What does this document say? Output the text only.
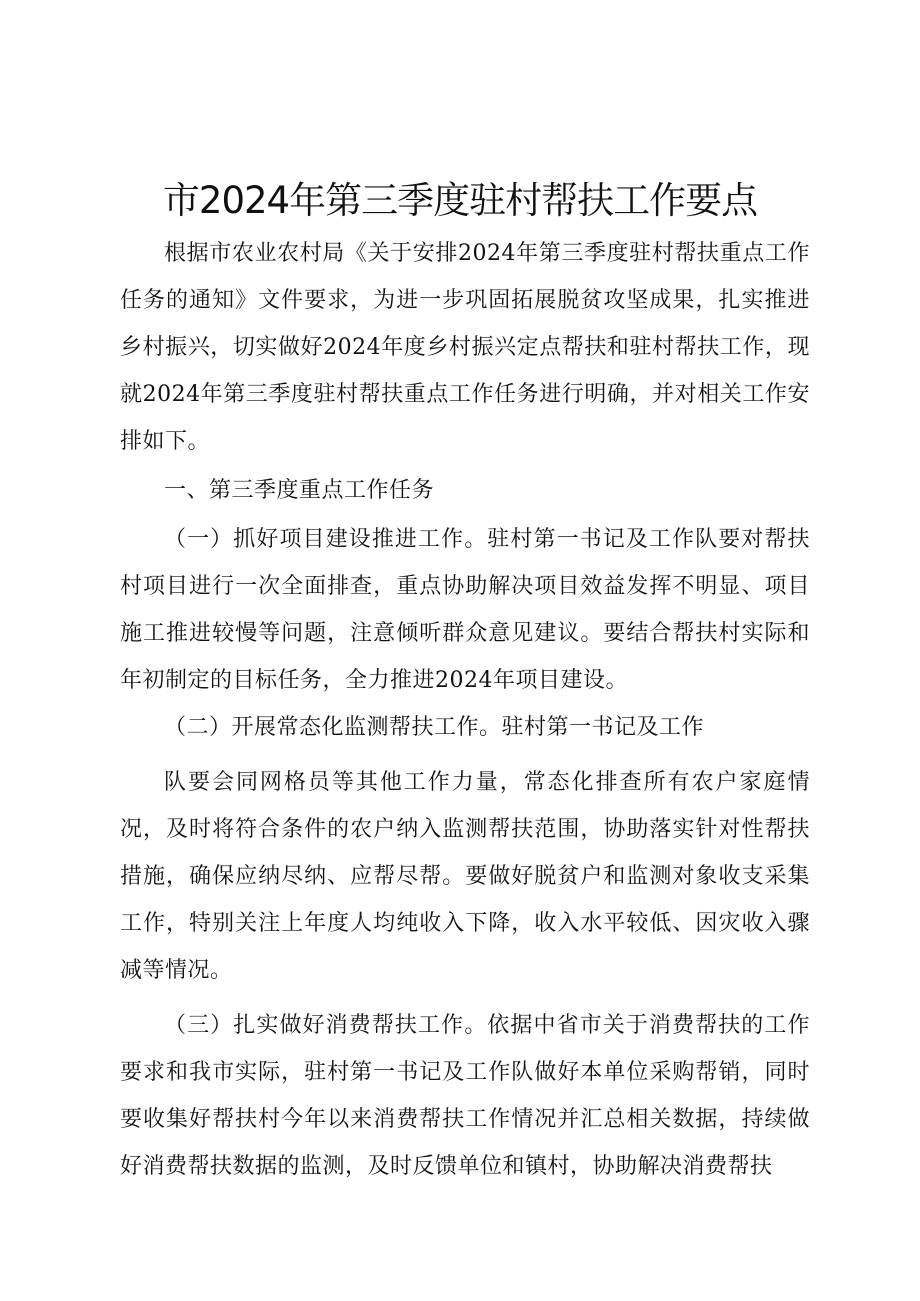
市2024年第三季度驻村帮扶工作要点

根据市农业农村局《关于安排2024年第三季度驻村帮扶重点工作任务的通知》文件要求，为进一步巩固拓展脱贫攻坚成果，扎实推进乡村振兴，切实做好2024年度乡村振兴定点帮扶和驻村帮扶工作，现就2024年第三季度驻村帮扶重点工作任务进行明确，并对相关工作安排如下。

一、第三季度重点工作任务

（一）抓好项目建设推进工作。驻村第一书记及工作队要对帮扶村项目进行一次全面排查，重点协助解决项目效益发挥不明显、项目施工推进较慢等问题，注意倾听群众意见建议。要结合帮扶村实际和年初制定的目标任务，全力推进2024年项目建设。

（二）开展常态化监测帮扶工作。驻村第一书记及工作

队要会同网格员等其他工作力量，常态化排查所有农户家庭情况，及时将符合条件的农户纳入监测帮扶范围，协助落实针对性帮扶措施，确保应纳尽纳、应帮尽帮。要做好脱贫户和监测对象收支采集工作，特别关注上年度人均纯收入下降，收入水平较低、因灾收入骤减等情况。

（三）扎实做好消费帮扶工作。依据中省市关于消费帮扶的工作要求和我市实际，驻村第一书记及工作队做好本单位采购帮销，同时要收集好帮扶村今年以来消费帮扶工作情况并汇总相关数据，持续做好消费帮扶数据的监测，及时反馈单位和镇村，协助解决消费帮扶
